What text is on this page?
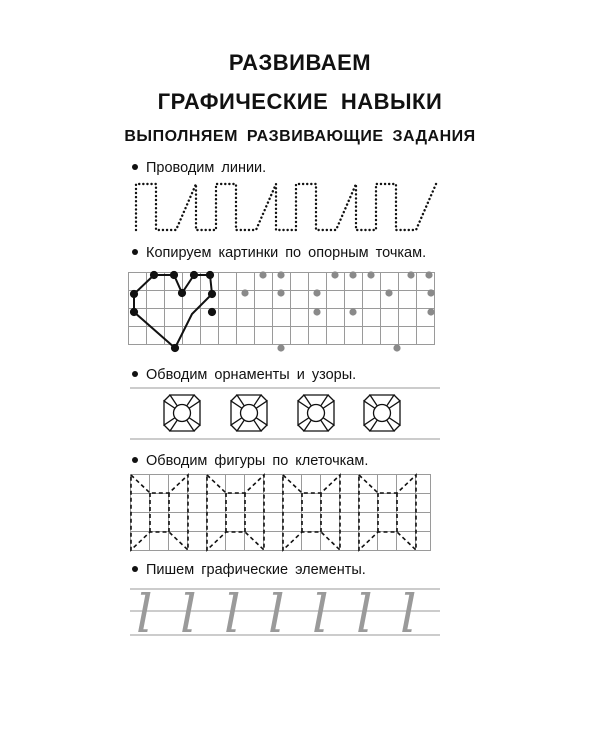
РАЗВИВАЕМ
ГРАФИЧЕСКИЕ НАВЫКИ
ВЫПОЛНЯЕМ РАЗВИВАЮЩИЕ ЗАДАНИЯ
Проводим линии.
Копируем картинки по опорным точкам.
Обводим орнаменты и узоры.
Обводим фигуры по клеточкам.
Пишем графические элементы.
l l l l l l l
